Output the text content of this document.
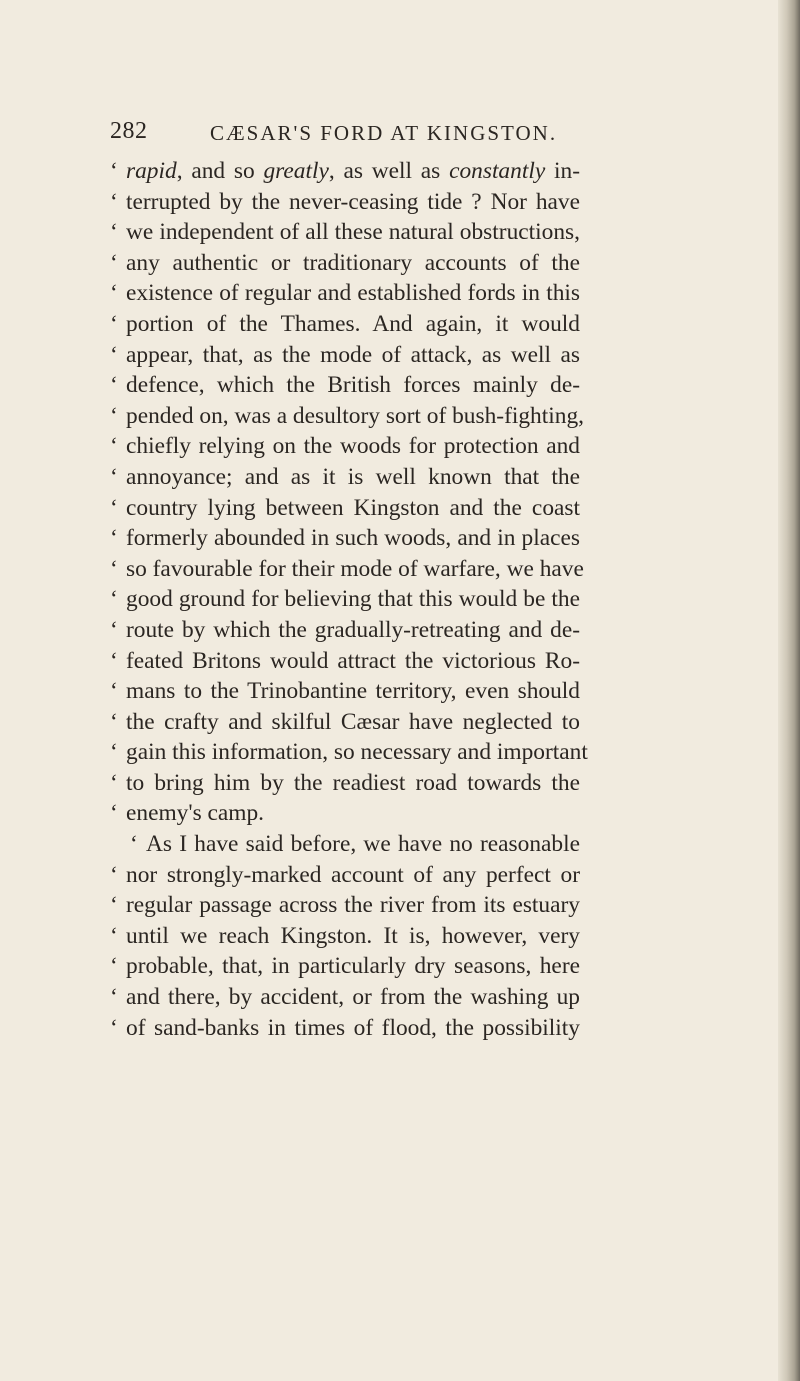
282	CÆSAR'S FORD AT KINGSTON.
‘ rapid, and so greatly, as well as constantly in-
‘ terrupted by the never-ceasing tide ? Nor have
‘ we independent of all these natural obstructions,
‘ any authentic or traditionary accounts of the
‘ existence of regular and established fords in this
‘ portion of the Thames. And again, it would
‘ appear, that, as the mode of attack, as well as
‘ defence, which the British forces mainly de-
‘ pended on, was a desultory sort of bush-fighting,
‘ chiefly relying on the woods for protection and
‘ annoyance; and as it is well known that the
‘ country lying between Kingston and the coast
‘ formerly abounded in such woods, and in places
‘ so favourable for their mode of warfare, we have
‘ good ground for believing that this would be the
‘ route by which the gradually-retreating and de-
‘ feated Britons would attract the victorious Ro-
‘ mans to the Trinobantine territory, even should
‘ the crafty and skilful Cæsar have neglected to
‘ gain this information, so necessary and important
‘ to bring him by the readiest road towards the
‘ enemy's camp.
‘ As I have said before, we have no reasonable
‘ nor strongly-marked account of any perfect or
‘ regular passage across the river from its estuary
‘ until we reach Kingston. It is, however, very
‘ probable, that, in particularly dry seasons, here
‘ and there, by accident, or from the washing up
‘ of sand-banks in times of flood, the possibility
